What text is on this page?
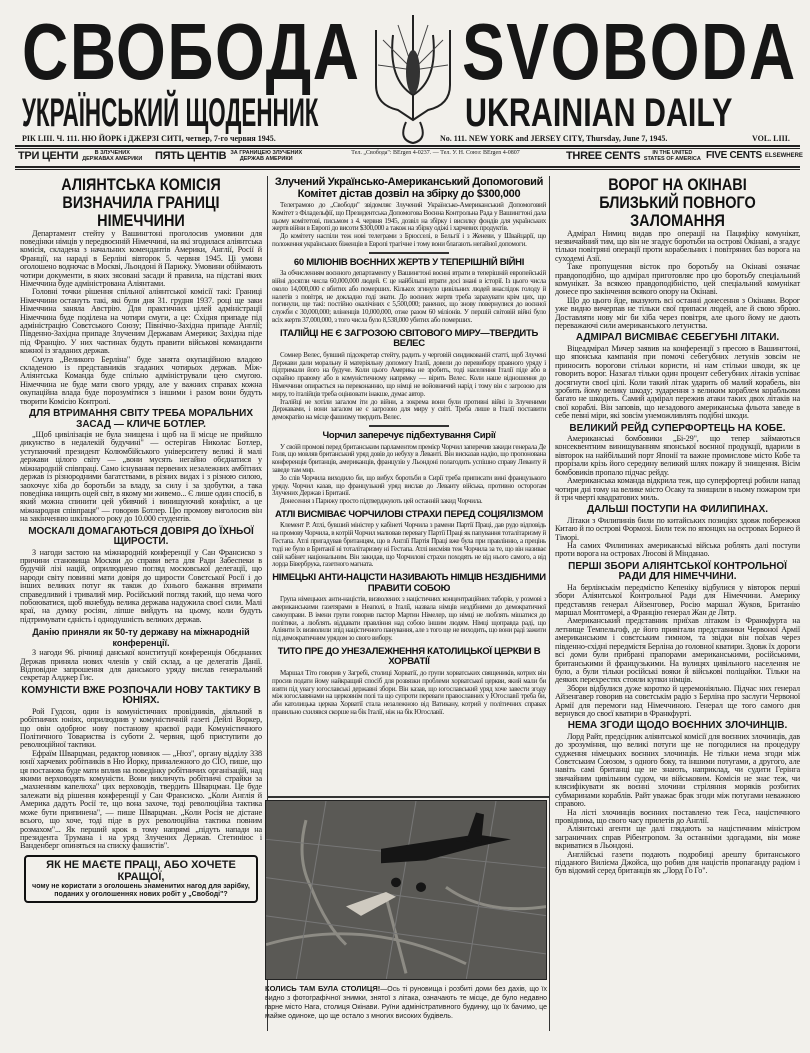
СВОБОДА SVOBODA
УКРАЇНСЬКИЙ ЩОДЕННИК	UKRAINIAN DAILY
РІК LIII. Ч. 111. НЮ ЙОРК і ДЖЕРЗІ СИТІ, четвер, 7-го червня 1945.	No. 111. NEW YORK and JERSEY CITY, Thursday, June 7, 1945.	VOL. LIII.
ТРИ ЦЕНТИ	В ЗЛУЧЕНИХ ДЕРЖАВАХ АМЕРИКИ ПЯТЬ ЦЕНТІВ ЗА ГРАНИЦЕЮ ЗЛУЧЕНИХ ДЕРЖАВ АМЕРИКИ
Тел. „Свобода": BErgen 4-0237. — Тел. У. Н. Союз: BErgen 4-0807	THREE CENTS	IN THE UNITED STATES OF AMERICA FIVE CENTS ELSEWHERE
АЛІЯНТСЬКА КОМІСІЯ ВИЗНАЧИЛА ГРАНИЦІ НІМЕЧЧИНИ

Департамент стейту у Вашингтоні проголосив умовини для поведінки німців у передвоєнній Німеччині, на які згодилася аліянтська комісія, складена з начальних комендантів Америки, Англії, Росії й Франції, на нараді в Берліні вівторок 5. червня 1945. Ці умови оголошено водночас в Москві, Льондоні й Парижу. Умовини обіймають чотири документи, в яких зясовані засади й правила, на підставі яких Німеччина буде адміністрована Аліянтами.

Головні точки рішення спільної аліянтської комісії такі: Границі Німеччини остануть такі, які були дня 31. грудня 1937. році ще заки Німеччина заняла Австрію. Для практичних цілей адміністрації Німеччина буде поділена на чотири смуги, а це: Східня припаде під адміністрацію Совєтського Союзу; Північно-Західна припаде Англії; Південно-Західна припаде Злученим Державам Америки; Західна піде під Францію. У них частинах будуть правити військові команданти кожної із згаданих держав.

Смуга „Великого Берліна" буде занята окупаційною владою складеною із представників згаданих чотирьох держав. Між-Аліянтська Команда буде спільно адміністрували цею смугою. Німеччина не буде мати свого уряду, але у важних справах кожна окупаційна влада буде порозумітися з іншими і разом вони будуть творити Комісію Контролі.

ДЛЯ ВТРИМАННЯ СВІТУ ТРЕБА МОРАЛЬНИХ ЗАСАД — КЛИЧЕ БОТЛЕР.

„Щоб цивілізація не була знищена і щоб на її місце не прийшло дикунство в недалекій будучині" — остерігав Николас Ботлер, уступаючий президент Колюмбійського університету великі й малі держави цілого світу — „вони мусять негайно обєднатися у міжнародній співпраці. Само існування первених незалежних амбітних держав із різнородними багатствами, в різних видах і з різною силою, заохочує хіба до боротьби за владу, за силу і за здобутки, а така поведінка нищить оцей світ, в якому ми живемо... Є лише один спосіб, в який можна спинити цей убивчий і винищуючий конфлікт, а це міжнародня співпраця" — говорив Ботлер. Цю промову виголосив він на закінченню шкільного року до 10.000 студентів.

МОСКАЛІ ДОМАГАЮТЬСЯ ДОВІРЯ ДО ЇХНЬОЇ ЩИРОСТИ.

З нагоди застою на міжнародній конференції у Сан Франсиско з причини становища Москви до справи вета для Ради Забеспеки в будучій лізі націй, оприлюднено погляд московської делегації, що народи світу повинні мати довіря до щирости Совєтської Росії і до інших великих потуг як також до їхнього бажання втримати справедливий і тривалий мир. Російський погляд такий, що нема чого побоюватися, щоб якнебудь велика держава надужила своєї сили. Малі краї, на думку росіян, ліпше вийдуть на цьому, коли будуть підтримувати єдність і однодушність великих держав.

Данію приняли як 50-ту державу на міжнародній конференції.

З нагоди 96. річниці данської конституції конференція Обєднаних Держав приняла нових членів у свій склад, а це делегатів Данії. Відповідне запрошення для данського уряду вислав генеральний секретар Алджер Гис.

КОМУНІСТИ ВЖЕ РОЗПОЧАЛИ НОВУ ТАКТИКУ В ЮНІЯХ.

Рой Гудсон, один із комуністичних провідників, діяльний в робітничих юніях, оприлюднив у комуністичній газеті Дейлі Воркер, що овін одобрює нову постанову краєвої ради Комуністичного Політичного Товариства із суботи 2. червня, щоб приступити до революційної тактики.

Ефраїм Шварцман, редактор новинок — „Нюз", органу відділу 338 юнії харчевих робітників в Ню Йорку, приналежного до СІО, пише, що ця постанова буде мати вплив на поведінку робітничих організацій, над якими верховодять комуністи. Вони викличуть робітничі страйки за „махненням капелюха" цих верховодів, твердить Шварцман. Це буде залежати від рішення конференції у Сан Франсиско. „Коли Англія й Америка дадуть Росії те, що вона захоче, тоді революційна тактика може бути припинена", — пише Шварцман. „Коли Росія не дістане всього, що хоче, тоді піде в рух революційна тактика повним розмахом"... Як перший крок в тому напрямі „підуть напади на президента Трумана і на уряд Злучених Держав. Стетиніюс і Ванденберг опиняться на списку фашистів".

ЯК НЕ МАЄТЕ ПРАЦІ, АБО ХОЧЕТЕ КРАЩОЇ,
чому не користати з оголошень знаменитих нагод для зарібку, поданих у оголошеннях нових робіт у „Свободі"?
Злучений Українсько-Американський Допомоговий Комітет дістав дозвіл на збірку до $300,000

Телеграмою до „Свободи" звідомляє Злучений Українсько-Американський Допомоговий Комітет з Філадельфії, що Президентська Допомогова Воєнна Контрольна Рада у Вашингтоні дала цьому комітетові, письмом з 4. червня 1945, дозвіл на збірку і висилку фондів для українських жертв війни в Европі до висоти $300,000 а також на збірку одіжі і харчевих продуктів.

До комітету наспіли теж нові телеграми з Брюсселі, в Бельгії і з Женеви, у Швайцарії, що положення українських біженців в Европі трагічне і тому вони благають негайної допомоги.

60 МІЛІОНІВ ВОЄННИХ ЖЕРТВ У ТЕПЕРІШНІЙ ВІЙНІ

За обчисленням воєнного департаменту у Вашингтоні воєнні втрати в теперішній европейській війні досягли числа 60,000,000 людей. Є це найбільші втрати досі знані в історії. Із цього числа около 14,000,000 є вбитих або померших. Кількох згинуло цивільних людей внаслідок голоду й налетів з повітря, не докладно годі знати. До воєнних жертв треба зарахувати крім цих, що погинули, ще такі: постійно окалічіних є 5,500,000; ранених, що знову повернулися до воєнної служби є 30,000,000; вліненців 10,000,000, отже разом 60 міліонів. У першій світовій війні було всіх жертв 37,000,000, з того числа було 8,538,000 убитих або померших.

ІТАЛІЙЦІ НЕ Є ЗАГРОЗОЮ СВІТОВОГО МИРУ—ТВЕРДИТЬ ВЕЛЕС

Сомнер Велес, бувший підсекретар стейту, радить у черговій синдикованій статті, щоб Злучені Держави дали моральну й матеріяльну допомогу Італії, довели до перевибору правного уряду і підтримали його на будуче. Коли цього Америка не зробить, тоді населення Італії піде або в скрайно правому або в комуністичному напрямку — вірить Велес. Коли наше відношення до Німеччини опирається на переконанню, що німці не войовничий нарід і тому він є загрозою для миру, то італійців треба оцінювати інакше, думає автор.

Італійці не хотіли загалом іти до війни, а зокрема вони були противні війні із Злученими Державами, і вони загалом не є загрозою для миру у світі. Треба лише в Італії поставити демократію на місце фашизму твердить Велес.

Чорчил заперечує підбехтування Сирії

У своїй промові перед британським парламентом премієр Чорчил заперечив закиди генерала Де Голя, що мовляв британський уряд довів до небуху в Леванті. Він висказав надію, що пропонована конференція британців, американців, французів у Льондоні полагодить успішно справу Леванту й заведе там мир.

Зо слів Чорчила виходило би, що вибух боротьби в Сирії треба приписати вині французького уряду. Чорчил казав, що французький уряд вислав до Леванту війська, противно осторогам Злучених Держав і Британії.

Донесення з Парижу просто підтверджують цей останній закид Чорчила.

АТЛІ ВИСМІВАЄ ЧОРЧИЛОВІ СТРАХИ ПЕРЕД СОЦІЯЛІЗМОМ

Клемент Р. Атлі, бувший міністер у кабінеті Чорчила з рамени Партії Праці, дав рудо відповідь на промову Чорчила, в котрій Чорчил малював перевагу Партії Праці як папування тоталітаризму й Гестапа. Атлі пригадував британцям, що в Англії Партія Праці вже була при правлінню, а прецінь тоді не було в Британії ні тоталітаризму ні Гестапа. Атлі висміяв теж Чорчила за те, що він називає свій кабінет національним. Він закидав, що Чорчилові страхи походять не від нього самого, а від лорда Бівербрука, газетного магната.

НІМЕЦЬКІ АНТИ-НАЦІСТИ НАЗИВАЮТЬ НІМЦІВ НЕЗДІБНИМИ ПРАВИТИ СОБОЮ

Група німецьких анти-націстів, визволених з націстичних концентраційних таборів, у розмові з американськими газетярами в Неаполі, в Італії, назвала німців нездібними до демократичної самоуправи. В імени групи говорив пастор Мартин Німелер, що німці не люблять мішатися до політики, а люблять віддавати правління над собою іншим людям. Німці щоправда раді, що Аліянти їх визволили зпід націстичного панування, але з того ще не виходить, що вони раді зажити під демократичним урядом зо свого вибору.

ТИТО ПРЕ ДО УНЕЗАЛЕЖНЕННЯ КАТОЛИЦЬКОЇ ЦЕРКВИ В ХОРВАТІЇ

Маршал Тіто говорив у Загребі, столиці Хорватії, до групи хорватських священиків, котрих він просив подати йому найкращий спосіб для розвязки проблеми хорватської церкви, який мали би взяти під увагу югославські державні збори. Він казав, що югославський уряд хоче завести згоду між югославянами на церковнім полі та що супроти переваги православних у Югославії треба би, аби католицька церква Хорватії стала незалежною від Ватикану, котрий у політичних справах правильно схилявся скорше на бік Італії, ніж на бік Югославії.

КОЛИСЬ ТАМ БУЛА СТОЛИЦЯ!—Ось ті руновища і розбиті доми без дахів, що їх видно з фотографічної знимки, знятої з літака, означають те місце, де було недавно гарне місто Нага, столиця Окінави. Руїни адміністративного будинку, що їх бачимо, це майже одиноке, що ще остало з многих високих будівель.
ВОРОГ НА ОКІНАВІ БЛИЗЬКИЙ ПОВНОГО ЗАЛОМАННЯ

Адмірал Нимиц видав про операції на Пацифіку комунікат, незвичайний тим, що він не згадує боротьби на острові Окінаві, а згадує тільки повітряні операції проти корабельних і повітряних баз ворога на суходемі Азії.

Таке пропущення вісток про боротьбу на Окінаві означає правдоподібно, що адмірал приготовляє про цю боротьбу спеціальний комунікат. За всякою правдоподібністю, цей спеціальний комунікат донесе про закінчення всякого опору на Окінаві.

Що до цього йде, вказують всі останні донесення з Окінави. Ворог уже видно вичерпав не тільки свої припаси людей, але й свою зброю. Доставляти нову міг би хіба через повітря, але цього йому не дають переважаючі сили американського летунства.

АДМІРАЛ ВИСМІВАЄ СЕБЕГУБНІ ЛІТАКИ.

Віцеадмірал Мичер заявив на конференції з пресою в Вашингтоні, що японська кампанія при помочі себегубних летунів зовсім не приносить ворогови стільки користи, ні нам стільки шкоди, як це говорить ворог. Назагал тільки один процент себегубних літаків успіває досягнути своєї цілі. Коли такий літак ударить об малий корабель, він зробить йому велику шкоду; зударення з великим кораблем корабльови багато не шкодить. Самий адмірал пережив атаки таких двох літаків на свої кораблі. Він заповів, що незадового американська фльота заведе в себе певні міри, які зовсім унеможливлять подібні шкоди.

ВЕЛИКИЙ РЕЙД СУПЕРФОРТЕЦЬ НА КОБЕ.

Американські бомбовики „Бі-29", що тепер займаються консеквентним винищуванням японської воєнної продукції, вдарили в вівторок на найбільший порт Японії та важне промислове місто Кобе та прорізали крізь його середину великий шлях пожару й знищення. Вісім бомбовиків пропало підчас рейду.

Американська команда відкрила теж, що суперфортеці робили напад чотири дні тому на велике місто Осаку та знищили в ньому пожаром три й три чверті квадратових миль.

ДАЛЬШІ ПОСТУПИ НА ФИЛИПИНАХ.

Літаки з Филипинів били по китайських позиціях здовж побережжя Китаю й по острові Формозі. Били теж по японцях на островах Борнео й Тіморі.

На самих Филипинах американські війська роблять далі поступи проти ворога на островах Люсові й Мінданао.

ПЕРШІ ЗБОРИ АЛІЯНТСЬКОЇ КОНТРОЛЬНОЇ РАДИ ДЛЯ НІМЕЧЧИНИ.

На берлінськім передмістю Кепеніку відбулися у вівторок перші збори Аліянтської Контрольної Ради для Німеччини. Америку представляв генерал Айзенговер, Росію маршал Жуков, Британію маршал Монтгомері, а Францію генерал Жан де Лятр.

Американський представник приїхав літаком із Франкфурта на летнище Темпельгоф, де його привітали представники Червоної Армії американським і совєтським гимном, та звідки він поїхав через південно-східні передмістя Берліна до головної кватири. Здовж їх дороги всі доми були прибрані прапорами американськими, російськими, британськими й французькими. На вулицях цивільного населення не було, а були тільки російські вояки й військові поліцайки. Тільки на деяких перехрестях стояли купки німців.

Збори відбулися дуже коротко й церемоніяльно. Підчас них генерал Айзенгавер говорив на совєтськім радіо з Берліна про заслуги Червоної Армії для перемоги над Німеччиною. Генерал ще того самого дня вернувся до своєї кватири в Франкфурті.

НЕМА ЗГОДИ ЩОДО ВОЄННИХ ЗЛОЧИНЦІВ.

Лорд Райт, предсідник аліянтської комісії для воєнних злочинців, дав до зрозуміння, що великі потуги ще не погодилися на процедуру судження німецьких воєнних злочинців. Не тільки нема згоди між Совєтським Союзом, з одного боку, та іншими потугами, а другого, але навіть самі британці ще не знають, наприклад, чи судити Герінга звичайним цивільним судом, чи військовим. Комісія не знає теж, чи клясифікувати як воєнні злочини стріляння моряків розбитих субмаринами кораблів. Райт уважає брак згоди між потугами неважною справою.

На лісті злочинців воєнних поставлено теж Геса, націстичного провідника, що свого часу прилетів до Англії.

Аліянтські агенти ще далі глядають за націстичним міністром заграничних справ Рібентропом. За останніми здогадами, він може вкриватися в Льондоні.

Англійські газети подають подробиці арешту британського підданого Вилієма Джойса, що робив для націстів пропаганду радіом і був відомий серед британців як „Лорд Го Го".
